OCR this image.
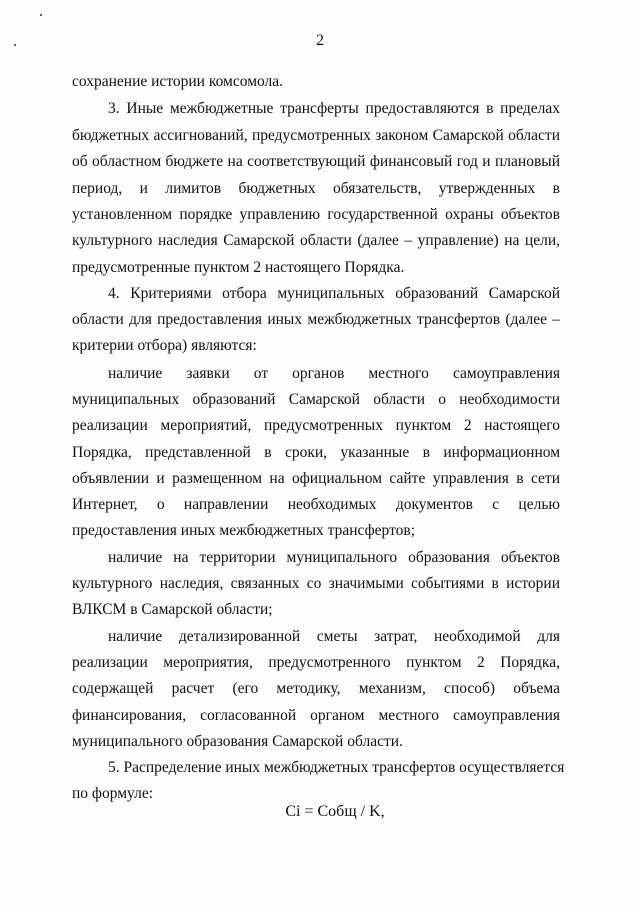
2
сохранение истории комсомола.
3. Иные межбюджетные трансферты предоставляются в пределах
бюджетных ассигнований, предусмотренных законом Самарской области
об областном бюджете на соответствующий финансовый год и плановый
период, и лимитов бюджетных обязательств, утвержденных в
установленном порядке управлению государственной охраны объектов
культурного наследия Самарской области (далее – управление) на цели,
предусмотренные пунктом 2 настоящего Порядка.
4. Критериями отбора муниципальных образований Самарской
области для предоставления иных межбюджетных трансфертов (далее –
критерии отбора) являются:
наличие заявки от органов местного самоуправления
муниципальных образований Самарской области о необходимости
реализации мероприятий, предусмотренных пунктом 2 настоящего
Порядка, представленной в сроки, указанные в информационном
объявлении и размещенном на официальном сайте управления в сети
Интернет, о направлении необходимых документов с целью
предоставления иных межбюджетных трансфертов;
наличие на территории муниципального образования объектов
культурного наследия, связанных со значимыми событиями в истории
ВЛКСМ в Самарской области;
наличие детализированной сметы затрат, необходимой для
реализации мероприятия, предусмотренного пунктом 2 Порядка,
содержащей расчет (его методику, механизм, способ) объема
финансирования, согласованной органом местного самоуправления
муниципального образования Самарской области.
5. Распределение иных межбюджетных трансфертов осуществляется
по формуле:
Ci = Cобщ / K,
